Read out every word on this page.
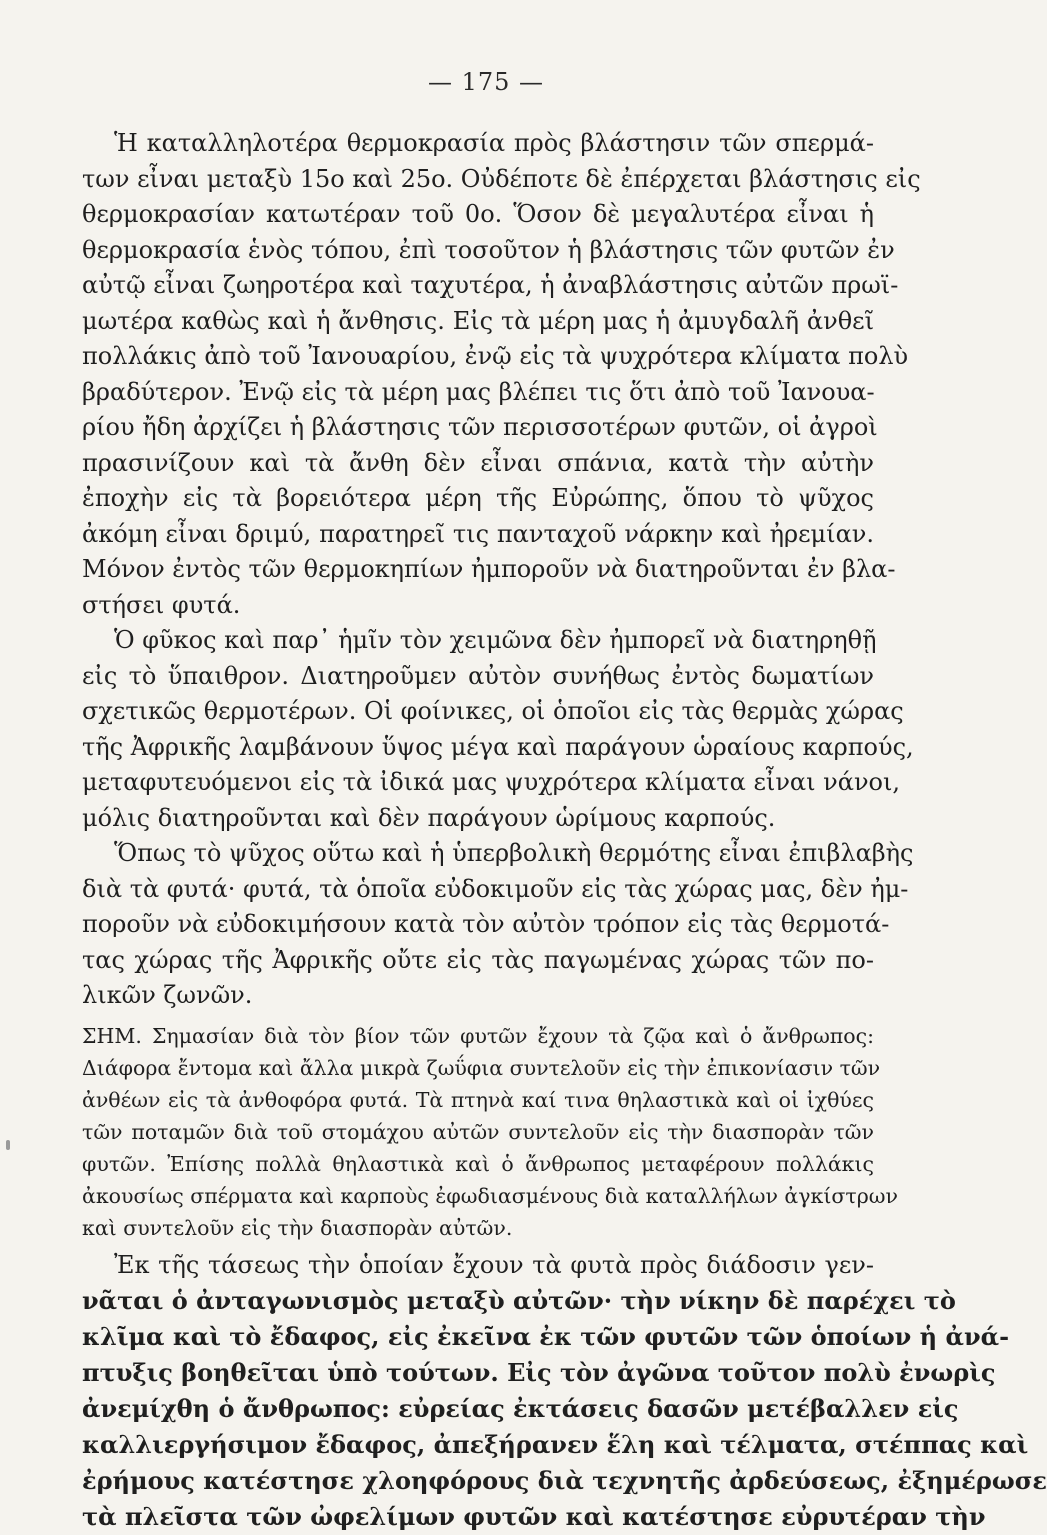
— 175 —
Ἡ καταλληλοτέρα θερμοκρασία πρὸς βλάστησιν τῶν σπερμά-
των εἶναι μεταξὺ 15ο καὶ 25ο. Οὐδέποτε δὲ ἐπέρχεται βλάστησις εἰς
θερμοκρασίαν κατωτέραν τοῦ 0ο. Ὅσον δὲ μεγαλυτέρα εἶναι ἡ
θερμοκρασία ἑνὸς τόπου, ἐπὶ τοσοῦτον ἡ βλάστησις τῶν φυτῶν ἐν
αὐτῷ εἶναι ζωηροτέρα καὶ ταχυτέρα, ἡ ἀναβλάστησις αὐτῶν πρωϊ-
μωτέρα καθὼς καὶ ἡ ἄνθησις. Εἰς τὰ μέρη μας ἡ ἀμυγδαλῆ ἀνθεῖ
πολλάκις ἀπὸ τοῦ Ἰανουαρίου, ἐνῷ εἰς τὰ ψυχρότερα κλίματα πολὺ
βραδύτερον. Ἐνῷ εἰς τὰ μέρη μας βλέπει τις ὅτι ἀπὸ τοῦ Ἰανουα-
ρίου ἤδη ἀρχίζει ἡ βλάστησις τῶν περισσοτέρων φυτῶν, οἱ ἀγροὶ
πρασινίζουν καὶ τὰ ἄνθη δὲν εἶναι σπάνια, κατὰ τὴν αὐτὴν
ἐποχὴν εἰς τὰ βορειότερα μέρη τῆς Εὐρώπης, ὅπου τὸ ψῦχος
ἀκόμη εἶναι δριμύ, παρατηρεῖ τις πανταχοῦ νάρκην καὶ ἠρεμίαν.
Μόνον ἐντὸς τῶν θερμοκηπίων ἠμποροῦν νὰ διατηροῦνται ἐν βλα-
στήσει φυτά.
Ὁ φῦκος καὶ παρ᾿ ἡμῖν τὸν χειμῶνα δὲν ἠμπορεῖ νὰ διατηρηθῇ
εἰς τὸ ὕπαιθρον. Διατηροῦμεν αὐτὸν συνήθως ἐντὸς δωματίων
σχετικῶς θερμοτέρων. Οἱ φοίνικες, οἱ ὁποῖοι εἰς τὰς θερμὰς χώρας
τῆς Ἀφρικῆς λαμβάνουν ὕψος μέγα καὶ παράγουν ὡραίους καρπούς,
μεταφυτευόμενοι εἰς τὰ ἰδικά μας ψυχρότερα κλίματα εἶναι νάνοι,
μόλις διατηροῦνται καὶ δὲν παράγουν ὡρίμους καρπούς.
Ὅπως τὸ ψῦχος οὕτω καὶ ἡ ὑπερβολικὴ θερμότης εἶναι ἐπιβλαβὴς
διὰ τὰ φυτά· φυτά, τὰ ὁποῖα εὐδοκιμοῦν εἰς τὰς χώρας μας, δὲν ἠμ-
ποροῦν νὰ εὐδοκιμήσουν κατὰ τὸν αὐτὸν τρόπον εἰς τὰς θερμοτά-
τας χώρας τῆς Ἀφρικῆς οὔτε εἰς τὰς παγωμένας χώρας τῶν πο-
λικῶν ζωνῶν.
ΣΗΜ. Σημασίαν διὰ τὸν βίον τῶν φυτῶν ἔχουν τὰ ζῷα καὶ ὁ ἄνθρωπος:
Διάφορα ἔντομα καὶ ἄλλα μικρὰ ζωΰφια συντελοῦν εἰς τὴν ἐπικονίασιν τῶν
ἀνθέων εἰς τὰ ἀνθοφόρα φυτά. Τὰ πτηνὰ καί τινα θηλαστικὰ καὶ οἱ ἰχθύες
τῶν ποταμῶν διὰ τοῦ στομάχου αὐτῶν συντελοῦν εἰς τὴν διασπορὰν τῶν
φυτῶν. Ἐπίσης πολλὰ θηλαστικὰ καὶ ὁ ἄνθρωπος μεταφέρουν πολλάκις
ἀκουσίως σπέρματα καὶ καρποὺς ἐφωδιασμένους διὰ καταλλήλων ἀγκίστρων
καὶ συντελοῦν εἰς τὴν διασπορὰν αὐτῶν.
Ἐκ τῆς τάσεως τὴν ὁποίαν ἔχουν τὰ φυτὰ πρὸς διάδοσιν γεν-
νᾶται ὁ ἀνταγωνισμὸς μεταξὺ αὐτῶν· τὴν νίκην δὲ παρέχει τὸ
κλῖμα καὶ τὸ ἔδαφος, εἰς ἐκεῖνα ἐκ τῶν φυτῶν τῶν ὁποίων ἡ ἀνά-
πτυξις βοηθεῖται ὑπὸ τούτων. Εἰς τὸν ἀγῶνα τοῦτον πολὺ ἐνωρὶς
ἀνεμίχθη ὁ ἄνθρωπος: εὐρείας ἐκτάσεις δασῶν μετέβαλλεν εἰς
καλλιεργήσιμον ἔδαφος, ἀπεξήρανεν ἕλη καὶ τέλματα, στέππας καὶ
ἐρήμους κατέστησε χλοηφόρους διὰ τεχνητῆς ἀρδεύσεως, ἐξημέρωσε
τὰ πλεῖστα τῶν ὠφελίμων φυτῶν καὶ κατέστησε εὐρυτέραν τὴν
